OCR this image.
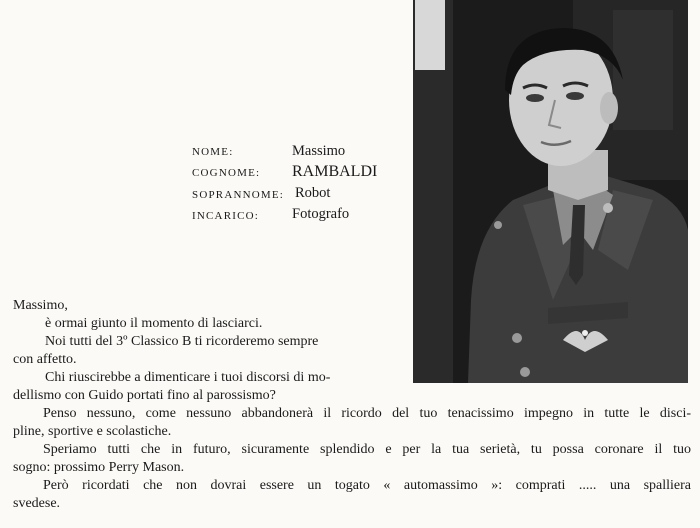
NOME:	Massimo
COGNOME: RAMBALDI
SOPRANNOME: Robot
INCARICO: Fotografo
Massimo,
è ormai giunto il momento di lasciarci.
Noi tutti del 3º Classico B ti ricorderemo sempre
con affetto.
Chi riuscirebbe a dimenticare i tuoi discorsi di mo-
dellismo con Guido portati fino al parossismo?
Penso nessuno, come nessuno abbandonerà il ricordo del tuo tenacissimo impegno in tutte le disci-
pline, sportive e scolastiche.
Speriamo tutti che in futuro, sicuramente splendido e per la tua serietà, tu possa coronare il tuo
sogno: prossimo Perry Mason.
Però ricordati che non dovrai essere un togato « automassimo »: comprati ..... una spalliera
svedese.
